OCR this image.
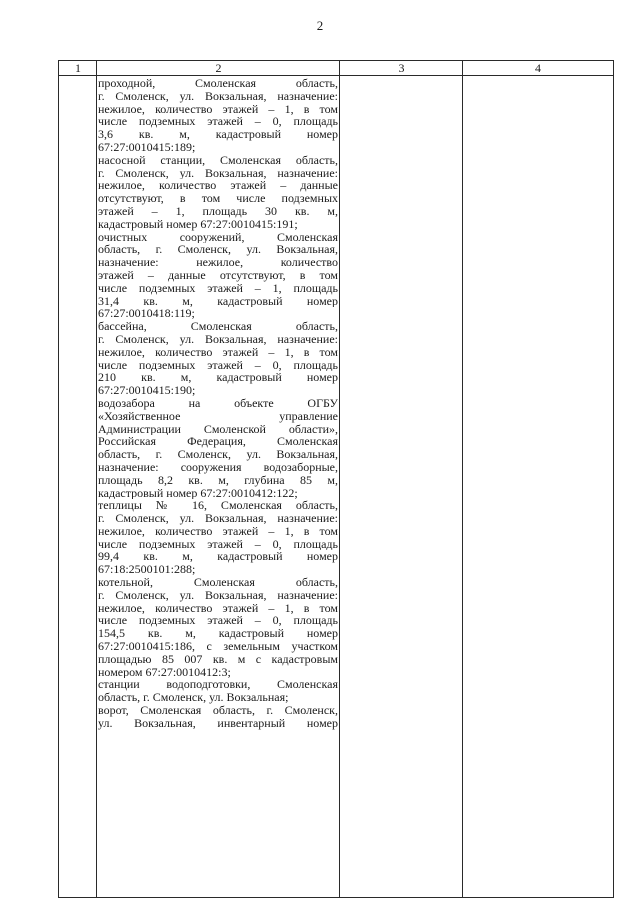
2
1	2	3	4
проходной, Смоленская область,
г. Смоленск, ул. Вокзальная, назначение:
нежилое, количество этажей – 1, в том
числе подземных этажей – 0, площадь
3,6 кв. м, кадастровый номер
67:27:0010415:189;
насосной станции, Смоленская область,
г. Смоленск, ул. Вокзальная, назначение:
нежилое, количество этажей – данные
отсутствуют, в том числе подземных
этажей – 1, площадь 30 кв. м,
кадастровый номер 67:27:0010415:191;
очистных сооружений, Смоленская
область, г. Смоленск, ул. Вокзальная,
назначение: нежилое, количество
этажей – данные отсутствуют, в том
числе подземных этажей – 1, площадь
31,4 кв. м, кадастровый номер
67:27:0010418:119;
бассейна, Смоленская область,
г. Смоленск, ул. Вокзальная, назначение:
нежилое, количество этажей – 1, в том
числе подземных этажей – 0, площадь
210 кв. м, кадастровый номер
67:27:0010415:190;
водозабора на объекте ОГБУ
«Хозяйственное управление
Администрации Смоленской области»,
Российская Федерация, Смоленская
область, г. Смоленск, ул. Вокзальная,
назначение: сооружения водозаборные,
площадь 8,2 кв. м, глубина 85 м,
кадастровый номер 67:27:0010412:122;
теплицы № 16, Смоленская область,
г. Смоленск, ул. Вокзальная, назначение:
нежилое, количество этажей – 1, в том
числе подземных этажей – 0, площадь
99,4 кв. м, кадастровый номер
67:18:2500101:288;
котельной, Смоленская область,
г. Смоленск, ул. Вокзальная, назначение:
нежилое, количество этажей – 1, в том
числе подземных этажей – 0, площадь
154,5 кв. м, кадастровый номер
67:27:0010415:186, с земельным участком
площадью 85 007 кв. м с кадастровым
номером 67:27:0010412:3;
станции водоподготовки, Смоленская
область, г. Смоленск, ул. Вокзальная;
ворот, Смоленская область, г. Смоленск,
ул. Вокзальная, инвентарный номер
